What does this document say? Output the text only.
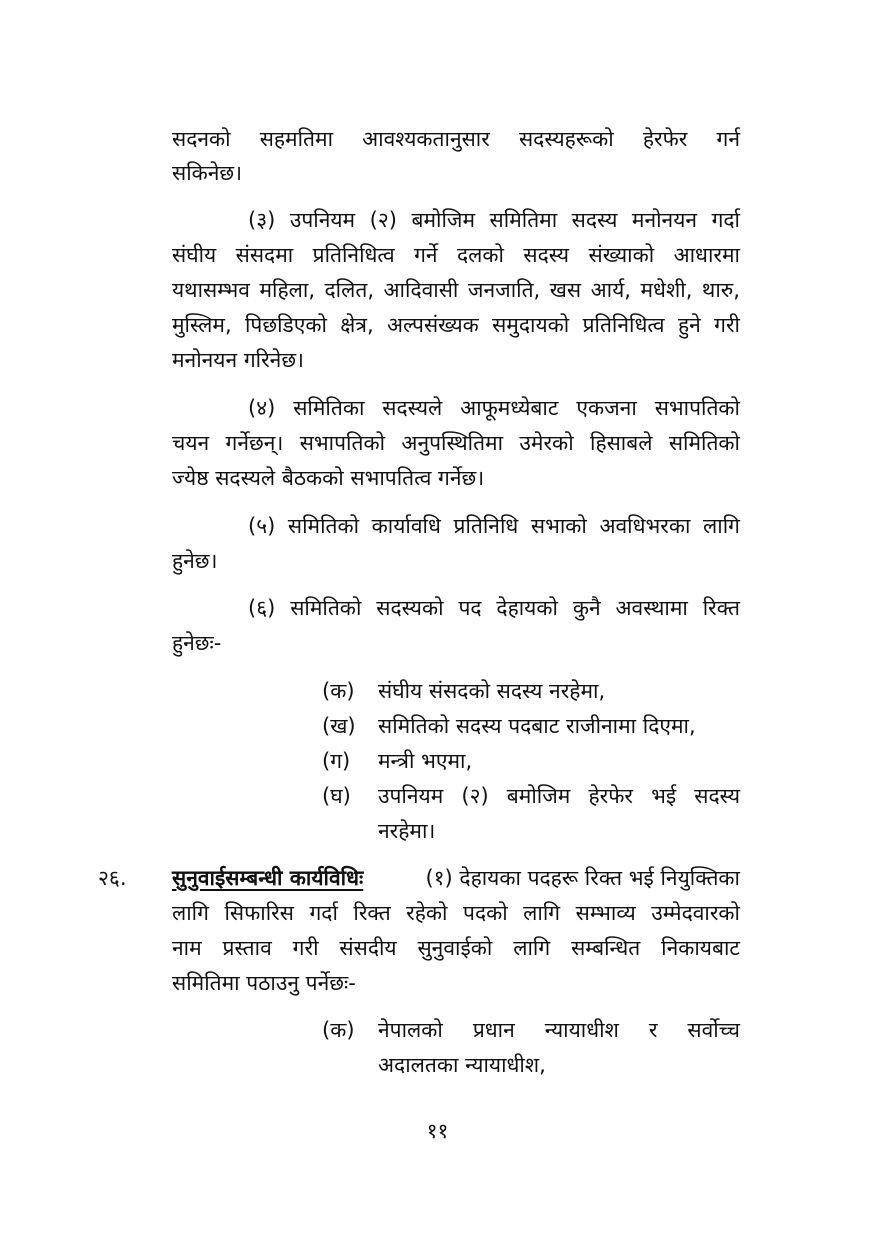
सदनको सहमतिमा आवश्यकतानुसार सदस्यहरूको हेरफेर गर्न
सकिनेछ।
(३) उपनियम (२) बमोजिम समितिमा सदस्य मनोनयन गर्दा
संघीय संसदमा प्रतिनिधित्व गर्ने दलको सदस्य संख्याको आधारमा
यथासम्भव महिला, दलित, आदिवासी जनजाति, खस आर्य, मधेशी, थारु,
मुस्लिम, पिछडिएको क्षेत्र, अल्पसंख्यक समुदायको प्रतिनिधित्व हुने गरी
मनोनयन गरिनेछ।
(४) समितिका सदस्यले आफूमध्येबाट एकजना सभापतिको
चयन गर्नेछन्। सभापतिको अनुपस्थितिमा उमेरको हिसाबले समितिको
ज्येष्ठ सदस्यले बैठकको सभापतित्व गर्नेछ।
(५) समितिको कार्यावधि प्रतिनिधि सभाको अवधिभरका लागि
हुनेछ।
(६) समितिको सदस्यको पद देहायको कुनै अवस्थामा रिक्त
हुनेछः-
(क) संघीय संसदको सदस्य नरहेमा,
(ख) समितिको सदस्य पदबाट राजीनामा दिएमा,
(ग) मन्त्री भएमा,
(घ) उपनियम (२) बमोजिम हेरफेर भई सदस्य
नरहेमा।
२६. सुनुवाईसम्बन्धी कार्यविधिः	(१) देहायका पदहरू रिक्त भई नियुक्तिका
लागि सिफारिस गर्दा रिक्त रहेको पदको लागि सम्भाव्य उम्मेदवारको
नाम प्रस्ताव गरी संसदीय सुनुवाईको लागि सम्बन्धित निकायबाट
समितिमा पठाउनु पर्नेछः-
(क) नेपालको प्रधान न्यायाधीश र सर्वोच्च
अदालतका न्यायाधीश,
११
